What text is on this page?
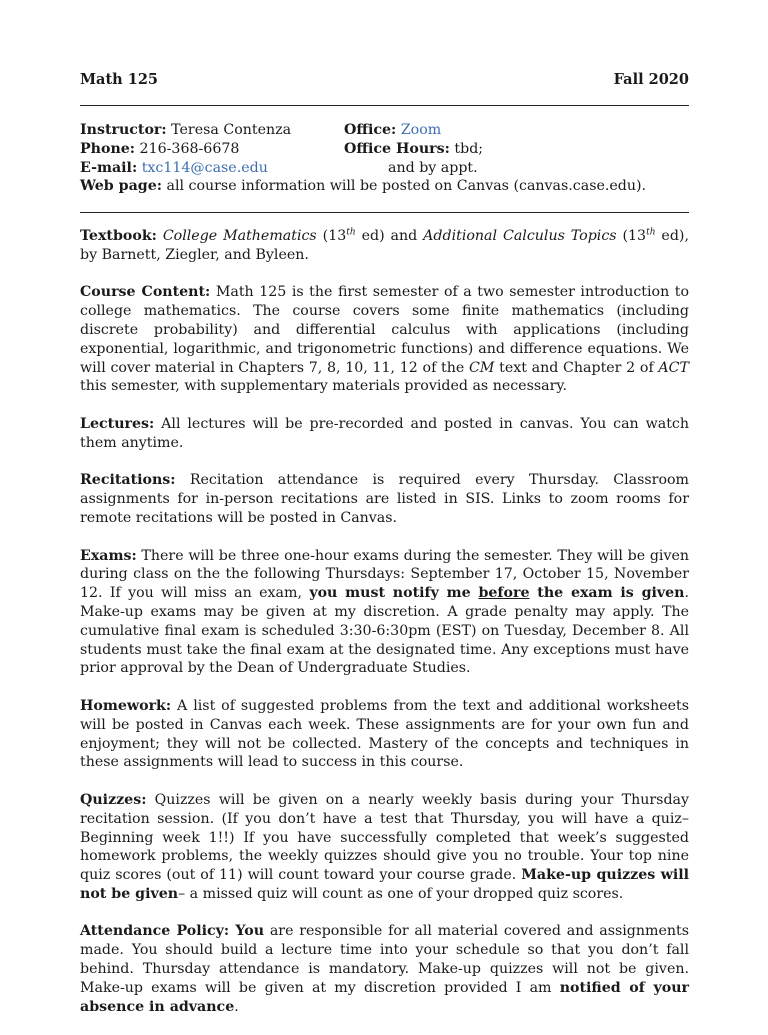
Math 125	Fall 2020
Instructor: Teresa Contenza	Office: Zoom
Phone: 216-368-6678	Office Hours: tbd;
E-mail: txc114@case.edu	and by appt.
Web page: all course information will be posted on Canvas (canvas.case.edu).

Textbook: College Mathematics (13th ed) and Additional Calculus Topics (13th ed), by Barnett, Ziegler, and Byleen.

Course Content: Math 125 is the first semester of a two semester introduction to college mathematics. The course covers some finite mathematics (including discrete probability) and differential calculus with applications (including exponential, logarithmic, and trigonometric functions) and difference equations. We will cover material in Chapters 7, 8, 10, 11, 12 of the CM text and Chapter 2 of ACT this semester, with supplementary materials provided as necessary.

Lectures: All lectures will be pre-recorded and posted in canvas. You can watch them anytime.

Recitations: Recitation attendance is required every Thursday. Classroom assignments for in-person recitations are listed in SIS. Links to zoom rooms for remote recitations will be posted in Canvas.

Exams: There will be three one-hour exams during the semester. They will be given during class on the the following Thursdays: September 17, October 15, November 12. If you will miss an exam, you must notify me before the exam is given. Make-up exams may be given at my discretion. A grade penalty may apply. The cumulative final exam is scheduled 3:30-6:30pm (EST) on Tuesday, December 8. All students must take the final exam at the designated time. Any exceptions must have prior approval by the Dean of Undergraduate Studies.

Homework: A list of suggested problems from the text and additional worksheets will be posted in Canvas each week. These assignments are for your own fun and enjoyment; they will not be collected. Mastery of the concepts and techniques in these assignments will lead to success in this course.

Quizzes: Quizzes will be given on a nearly weekly basis during your Thursday recitation session. (If you don’t have a test that Thursday, you will have a quiz– Beginning week 1!!) If you have successfully completed that week’s suggested homework problems, the weekly quizzes should give you no trouble. Your top nine quiz scores (out of 11) will count toward your course grade. Make-up quizzes will not be given– a missed quiz will count as one of your dropped quiz scores.

Attendance Policy: You are responsible for all material covered and assignments made. You should build a lecture time into your schedule so that you don’t fall behind. Thursday attendance is mandatory. Make-up quizzes will not be given. Make-up exams will be given at my discretion provided I am notified of your absence in advance.
